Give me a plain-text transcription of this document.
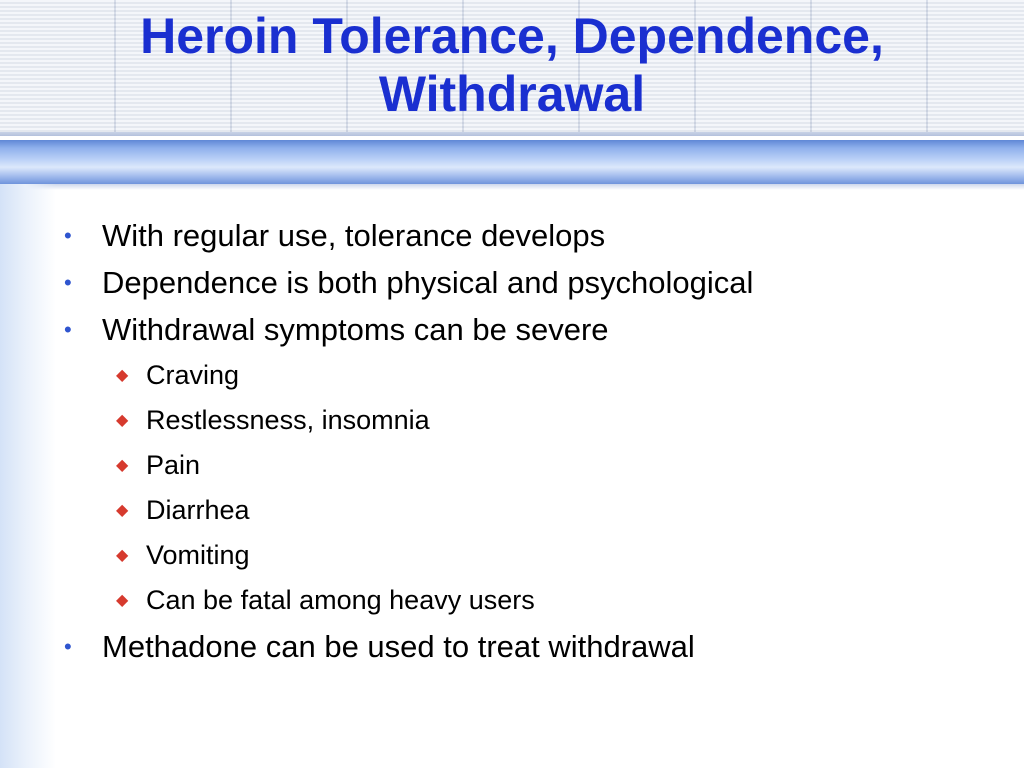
Heroin Tolerance, Dependence,
Withdrawal
• With regular use, tolerance develops
• Dependence is both physical and psychological
• Withdrawal symptoms can be severe
◆ Craving
◆ Restlessness, insomnia
◆ Pain
◆ Diarrhea
◆ Vomiting
◆ Can be fatal among heavy users
• Methadone can be used to treat withdrawal
